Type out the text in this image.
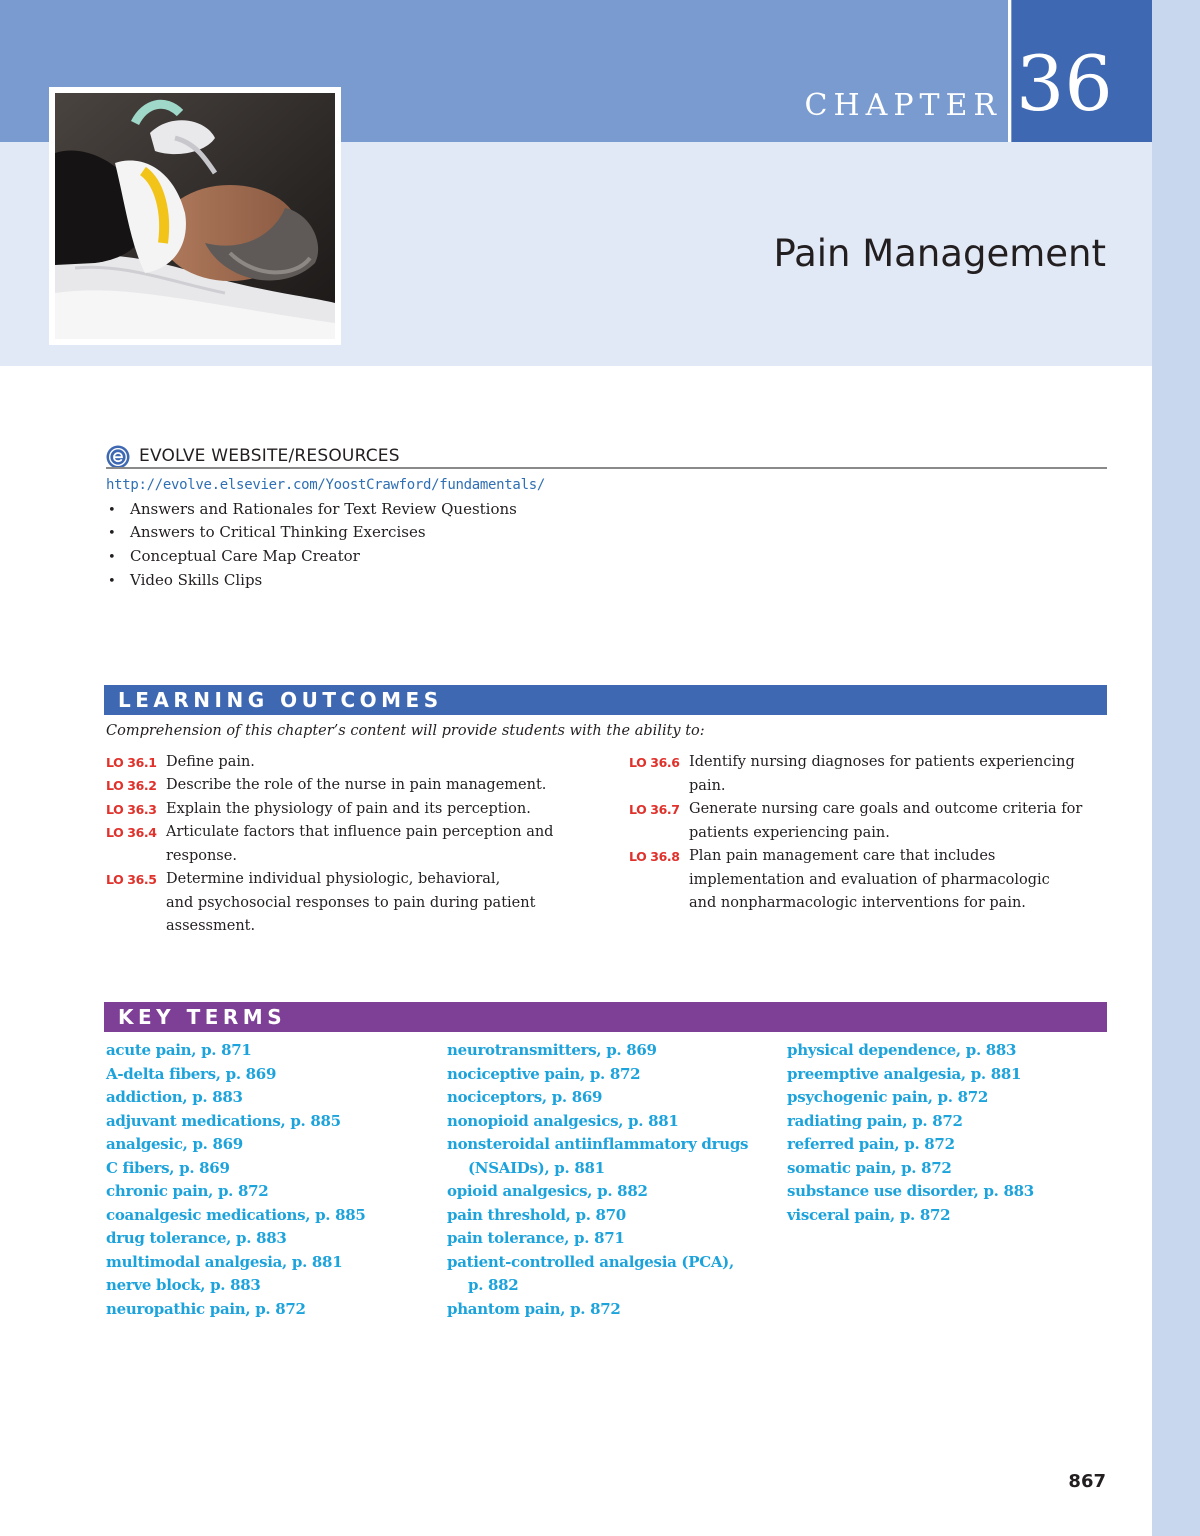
CHAPTER 36
Pain Management
EVOLVE WEBSITE/RESOURCES
http://evolve.elsevier.com/YoostCrawford/fundamentals/
• Answers and Rationales for Text Review Questions
• Answers to Critical Thinking Exercises
• Conceptual Care Map Creator
• Video Skills Clips
LEARNING OUTCOMES
Comprehension of this chapter’s content will provide students with the ability to:
LO 36.1 Define pain.
LO 36.2 Describe the role of the nurse in pain management.
LO 36.3 Explain the physiology of pain and its perception.
LO 36.4 Articulate factors that influence pain perception and
response.
LO 36.5 Determine individual physiologic, behavioral,
and psychosocial responses to pain during patient
assessment.
LO 36.6 Identify nursing diagnoses for patients experiencing
pain.
LO 36.7 Generate nursing care goals and outcome criteria for
patients experiencing pain.
LO 36.8 Plan pain management care that includes
implementation and evaluation of pharmacologic
and nonpharmacologic interventions for pain.
KEY TERMS
acute pain, p. 871
A-delta fibers, p. 869
addiction, p. 883
adjuvant medications, p. 885
analgesic, p. 869
C fibers, p. 869
chronic pain, p. 872
coanalgesic medications, p. 885
drug tolerance, p. 883
multimodal analgesia, p. 881
nerve block, p. 883
neuropathic pain, p. 872
neurotransmitters, p. 869
nociceptive pain, p. 872
nociceptors, p. 869
nonopioid analgesics, p. 881
nonsteroidal antiinflammatory drugs
(NSAIDs), p. 881
opioid analgesics, p. 882
pain threshold, p. 870
pain tolerance, p. 871
patient-controlled analgesia (PCA),
p. 882
phantom pain, p. 872
physical dependence, p. 883
preemptive analgesia, p. 881
psychogenic pain, p. 872
radiating pain, p. 872
referred pain, p. 872
somatic pain, p. 872
substance use disorder, p. 883
visceral pain, p. 872
867
